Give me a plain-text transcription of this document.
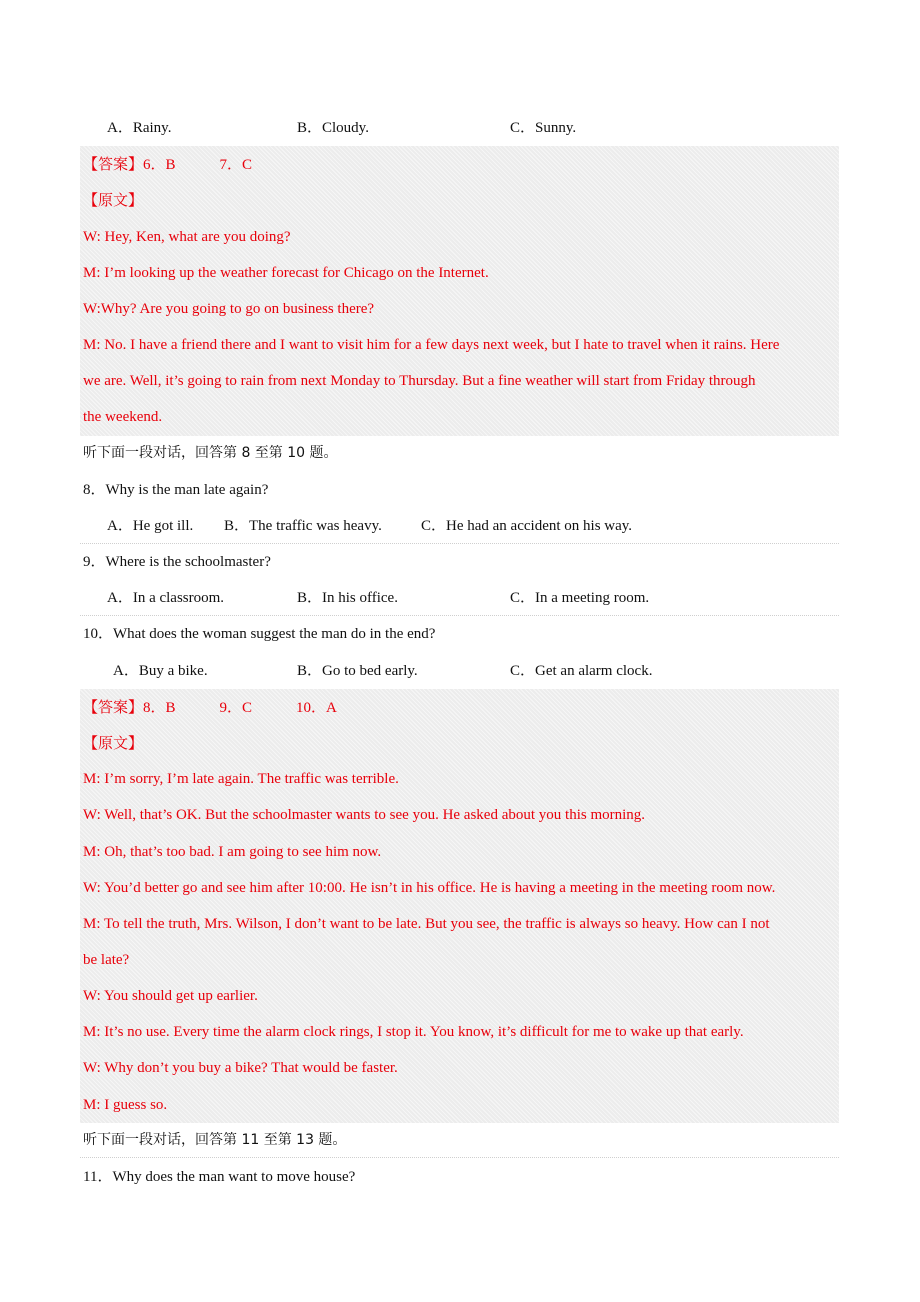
A．Rainy.	B．Cloudy.	C．Sunny.
【答案】6．B	7．C
【原文】
W: Hey, Ken, what are you doing?
M: I’m looking up the weather forecast for Chicago on the Internet.
W:Why? Are you going to go on business there?
M: No. I have a friend there and I want to visit him for a few days next week, but I hate to travel when it rains. Here
we are. Well, it’s going to rain from next Monday to Thursday. But a fine weather will start from Friday through
the weekend.
听下面一段对话，回答第 8 至第 10 题。
8．Why is the man late again?
A．He got ill. B．The traffic was heavy.	C．He had an accident on his way.
9．Where is the schoolmaster?
A．In a classroom.	B．In his office.	C．In a meeting room.
10．What does the woman suggest the man do in the end?
A．Buy a bike.	B．Go to bed early.	C．Get an alarm clock.
【答案】8．B	9．C	10．A
【原文】
M: I’m sorry, I’m late again. The traffic was terrible.
W: Well, that’s OK. But the schoolmaster wants to see you. He asked about you this morning.
M: Oh, that’s too bad. I am going to see him now.
W: You’d better go and see him after 10:00. He isn’t in his office. He is having a meeting in the meeting room now.
M: To tell the truth, Mrs. Wilson, I don’t want to be late. But you see, the traffic is always so heavy. How can I not
be late?
W: You should get up earlier.
M: It’s no use. Every time the alarm clock rings, I stop it. You know, it’s difficult for me to wake up that early.
W: Why don’t you buy a bike? That would be faster.
M: I guess so.
听下面一段对话，回答第 11 至第 13 题。
11．Why does the man want to move house?
